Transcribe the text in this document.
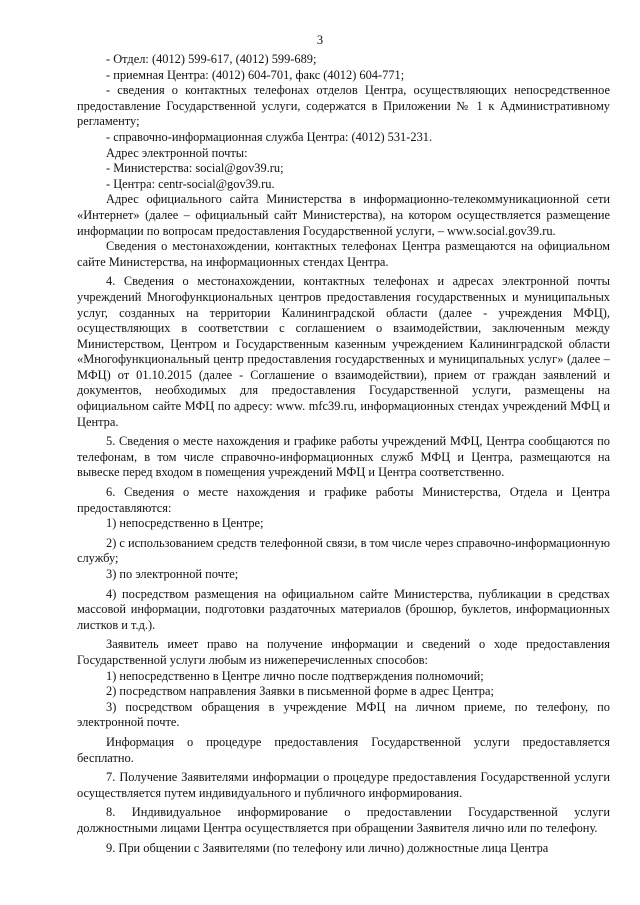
3

- Отдел: (4012) 599-617, (4012) 599-689;

- приемная Центра: (4012) 604-701, факс (4012) 604-771;

- сведения о контактных телефонах отделов Центра, осуществляющих непосредственное предоставление Государственной услуги, содержатся в Приложении № 1 к Административному регламенту;

- справочно-информационная служба Центра: (4012) 531-231.

Адрес электронной почты:

- Министерства: social@gov39.ru;

- Центра: centr-social@gov39.ru.

Адрес официального сайта Министерства в информационно-телекоммуникационной сети «Интернет» (далее – официальный сайт Министерства), на котором осуществляется размещение информации по вопросам предоставления Государственной услуги, – www.social.gov39.ru.

Сведения о местонахождении, контактных телефонах Центра размещаются на официальном сайте Министерства, на информационных стендах Центра.

4. Сведения о местонахождении, контактных телефонах и адресах электронной почты учреждений Многофункциональных центров предоставления государственных и муниципальных услуг, созданных на территории Калининградской области (далее - учреждения МФЦ), осуществляющих в соответствии с соглашением о взаимодействии, заключенным между Министерством, Центром и Государственным казенным учреждением Калининградской области «Многофункциональный центр предоставления государственных и муниципальных услуг» (далее – МФЦ) от 01.10.2015 (далее - Соглашение о взаимодействии), прием от граждан заявлений и документов, необходимых для предоставления Государственной услуги, размещены на официальном сайте МФЦ по адресу: www. mfc39.ru, информационных стендах учреждений МФЦ и Центра.

5. Сведения о месте нахождения и графике работы учреждений МФЦ, Центра сообщаются по телефонам, в том числе справочно-информационных служб МФЦ и Центра, размещаются на вывеске перед входом в помещения учреждений МФЦ и Центра соответственно.

6. Сведения о месте нахождения и графике работы Министерства, Отдела и Центра предоставляются:

1) непосредственно в Центре;

2) с использованием средств телефонной связи, в том числе через справочно-информационную службу;

3) по электронной почте;

4) посредством размещения на официальном сайте Министерства, публикации в средствах массовой информации, подготовки раздаточных материалов (брошюр, буклетов, информационных листков и т.д.).

Заявитель имеет право на получение информации и сведений о ходе предоставления Государственной услуги любым из нижеперечисленных способов:

1) непосредственно в Центре лично после подтверждения полномочий;

2) посредством направления Заявки в письменной форме в адрес Центра;

3) посредством обращения в учреждение МФЦ на личном приеме, по телефону, по электронной почте.

Информация о процедуре предоставления Государственной услуги предоставляется бесплатно.

7. Получение Заявителями информации о процедуре предоставления Государственной услуги осуществляется путем индивидуального и публичного информирования.

8. Индивидуальное информирование о предоставлении Государственной услуги должностными лицами Центра осуществляется при обращении Заявителя лично или по телефону.

9. При общении с Заявителями (по телефону или лично) должностные лица Центра
